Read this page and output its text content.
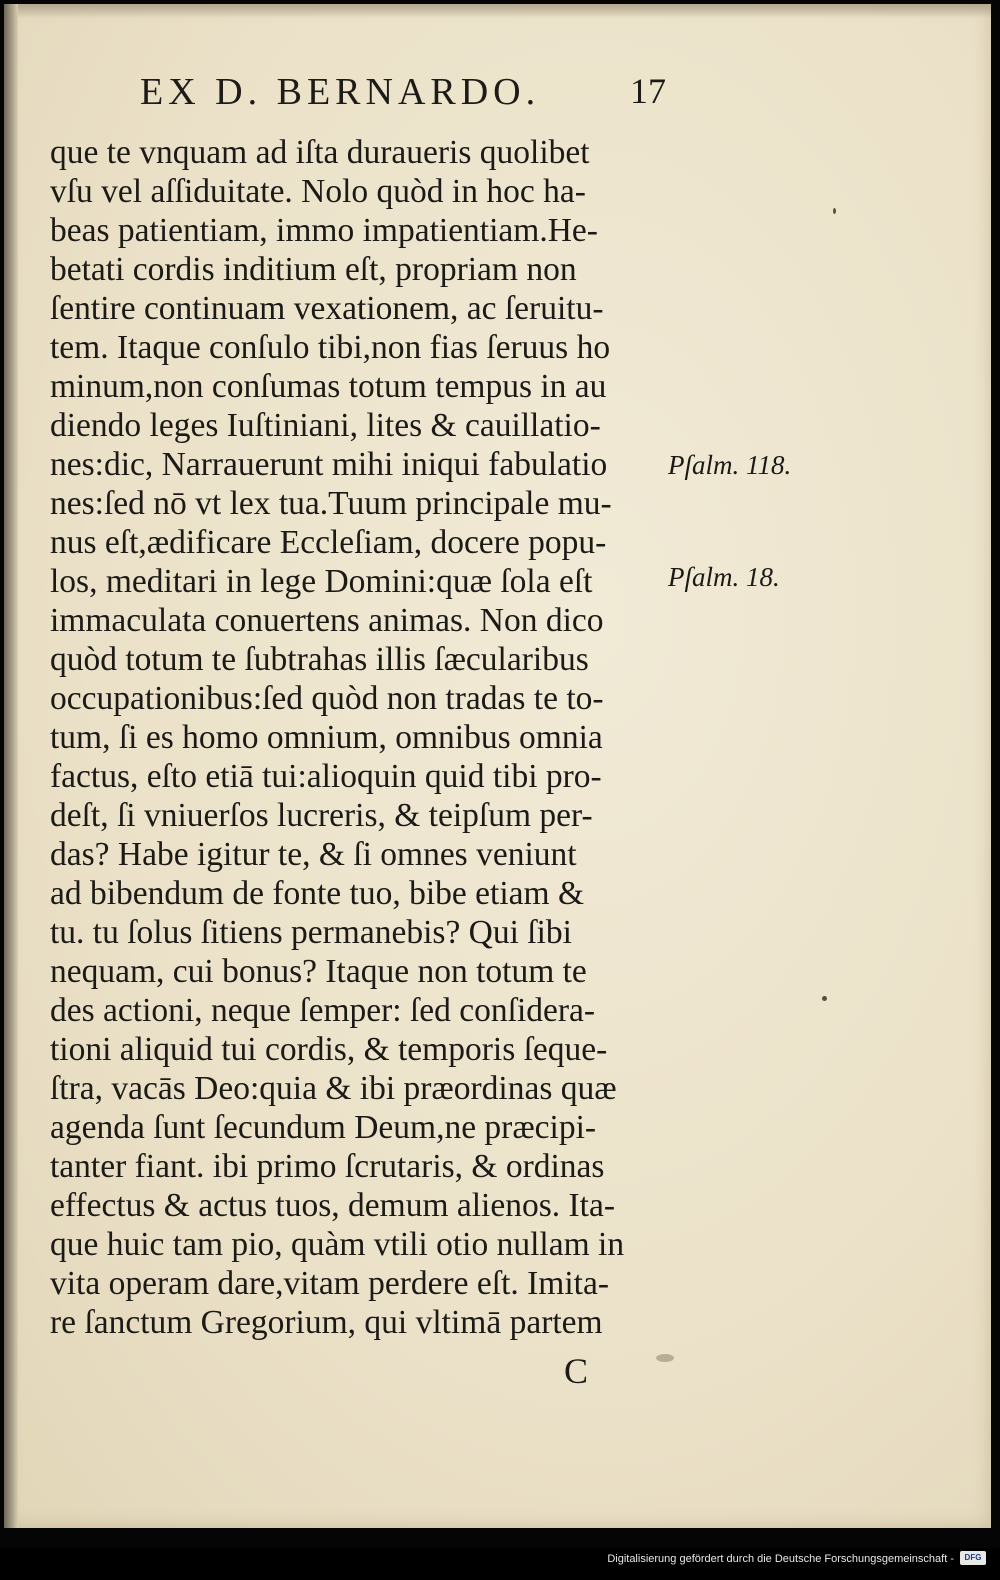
EX D. BERNARDO. 17
que te vnquam ad iſta duraueris quolibet
vſu vel aſſiduitate. Nolo quòd in hoc ha-
beas patientiam, immo impatientiam.He-
betati cordis inditium eſt, propriam non
ſentire continuam vexationem, ac ſeruitu-
tem. Itaque conſulo tibi,non fias ſeruus ho
minum,non conſumas totum tempus in au
diendo leges Iuſtiniani, lites & cauillatio-
nes:dic, Narrauerunt mihi iniqui fabulatio
nes:ſed nō vt lex tua.Tuum principale mu-
nus eſt,ædificare Eccleſiam, docere popu-
los, meditari in lege Domini:quæ ſola eſt
immaculata conuertens animas. Non dico
quòd totum te ſubtrahas illis ſæcularibus
occupationibus:ſed quòd non tradas te to-
tum, ſi es homo omnium, omnibus omnia
factus, eſto etiā tui:alioquin quid tibi pro-
deſt, ſi vniuerſos lucreris, & teipſum per-
das? Habe igitur te, & ſi omnes veniunt
ad bibendum de fonte tuo, bibe etiam &
tu. tu ſolus ſitiens permanebis? Qui ſibi
nequam, cui bonus? Itaque non totum te
des actioni, neque ſemper: ſed conſidera-
tioni aliquid tui cordis, & temporis ſeque-
ſtra, vacās Deo:quia & ibi præordinas quæ
agenda ſunt ſecundum Deum,ne præcipi-
tanter fiant. ibi primo ſcrutaris, & ordinas
effectus & actus tuos, demum alienos. Ita-
que huic tam pio, quàm vtili otio nullam in
vita operam dare,vitam perdere eſt. Imita-
re ſanctum Gregorium, qui vltimā partem
Pſalm. 118.
Pſalm. 18.
C
Digitalisierung gefördert durch die Deutsche Forschungsgemeinschaft -	DFG
